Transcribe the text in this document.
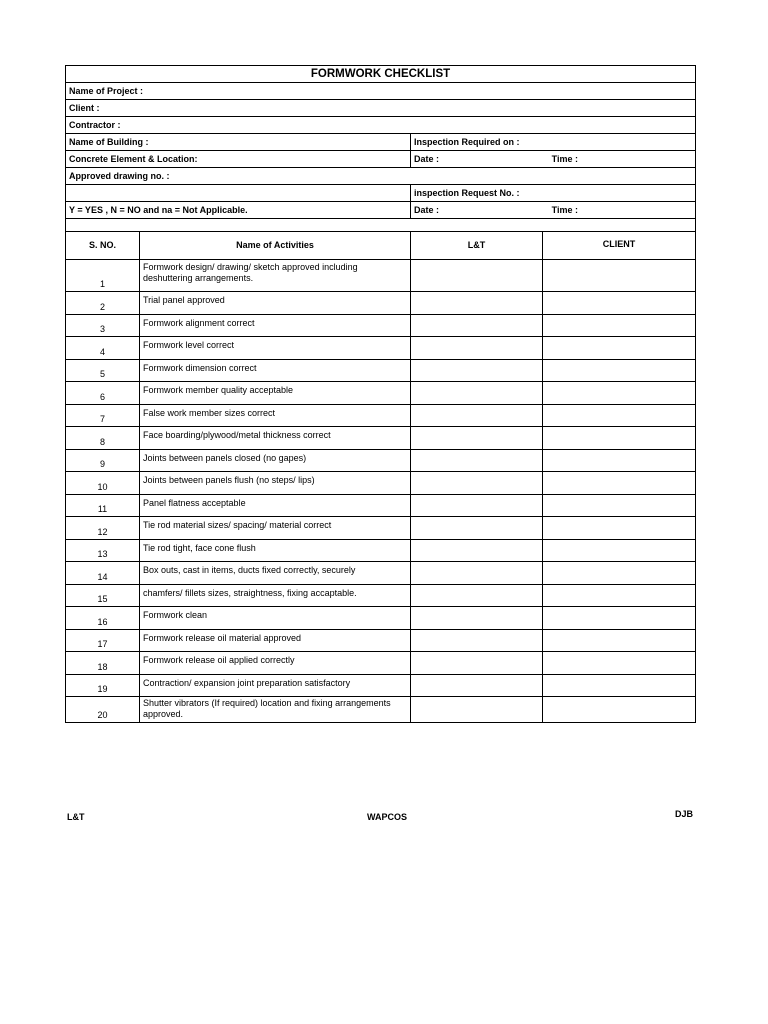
FORMWORK CHECKLIST			
Name of Project :			
Client :			
Contractor :			
Name of Building :		Inspection Required on :	
Concrete Element & Location:		Date : Time :	

Approved drawing no. :			
		inspection Request No. :	
Y = YES , N = NO and na = Not Applicable.		Date : Time :	

S. NO.	Name of Activities	L&T	CLIENT
1	Formwork design/ drawing/ sketch approved including deshuttering arrangements.		
2	Trial panel approved		
3	Formwork alignment correct		
4	Formwork level correct		
5	Formwork dimension correct		
6	Formwork member quality acceptable		
7	False work member sizes correct		
8	Face boarding/plywood/metal thickness correct		
9	Joints between panels closed (no gapes)		
10	Joints between panels flush (no steps/ lips)		
11	Panel flatness acceptable		
12	Tie rod material sizes/ spacing/ material correct		
13	Tie rod tight, face cone flush		
14	Box outs, cast in items, ducts fixed correctly, securely		
15	chamfers/ fillets sizes, straightness, fixing accaptable.		
16	Formwork clean		
17	Formwork release oil material approved		
18	Formwork release oil applied correctly		
19	Contraction/ expansion joint preparation satisfactory		
20	Shutter vibrators (If required) location and fixing arrangements approved.		
L&T	WAPCOS	DJB
